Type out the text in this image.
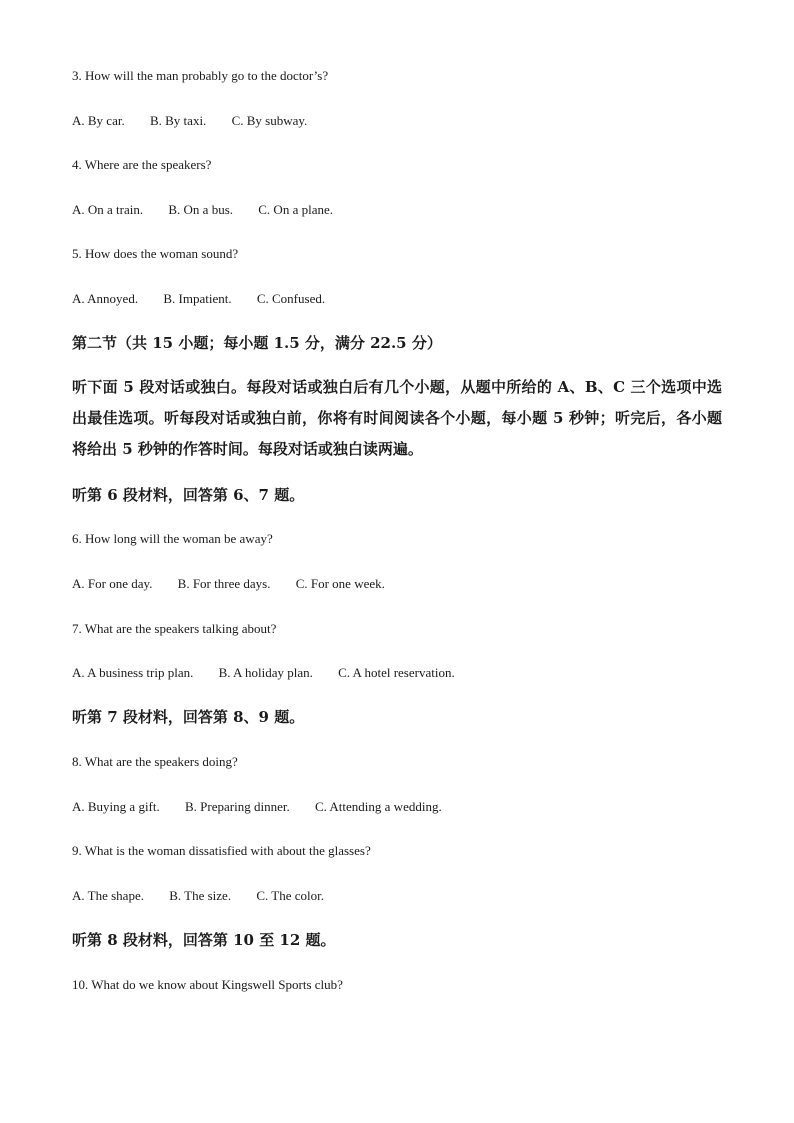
3. How will the man probably go to the doctor’s?
A. By car. B. By taxi. C. By subway.
4. Where are the speakers?
A. On a train. B. On a bus. C. On a plane.
5. How does the woman sound?
A. Annoyed. B. Impatient. C. Confused.
第二节（共 15 小题；每小题 1.5 分，满分 22.5 分）
听下面 5 段对话或独白。每段对话或独白后有几个小题，从题中所给的 A、B、C 三个选项中选出最佳选项。听每段对话或独白前，你将有时间阅读各个小题，每小题 5 秒钟；听完后，各小题将给出 5 秒钟的作答时间。每段对话或独白读两遍。
听第 6 段材料，回答第 6、7 题。
6. How long will the woman be away?
A. For one day. B. For three days. C. For one week.
7. What are the speakers talking about?
A. A business trip plan. B. A holiday plan. C. A hotel reservation.
听第 7 段材料，回答第 8、9 题。
8. What are the speakers doing?
A. Buying a gift. B. Preparing dinner. C. Attending a wedding.
9. What is the woman dissatisfied with about the glasses?
A. The shape. B. The size. C. The color.
听第 8 段材料，回答第 10 至 12 题。
10. What do we know about Kingswell Sports club?
